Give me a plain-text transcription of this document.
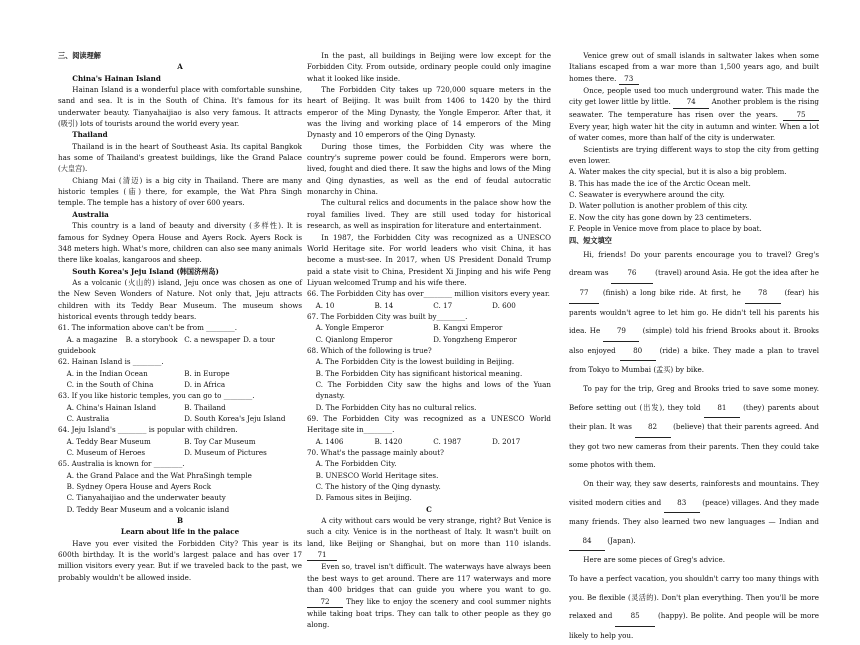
三、阅读理解

A

China's Hainan Island

Hainan Island is a wonderful place with comfortable sunshine, sand and sea. It is in the South of China. It's famous for its underwater beauty. Tianyahaijiao is also very famous. It attracts (吸引) lots of tourists around the world every year.

Thailand

Thailand is in the heart of Southeast Asia. Its capital Bangkok has some of Thailand's greatest buildings, like the Grand Palace (大皇宫).

Chiang Mai (清迈) is a big city in Thailand. There are many historic temples (庙) there, for example, the Wat Phra Singh temple. The temple has a history of over 600 years.

Australia

This country is a land of beauty and diversity (多样性). It is famous for Sydney Opera House and Ayers Rock. Ayers Rock is 348 meters high. What's more, children can also see many animals there like koalas, kangaroos and sheep.

South Korea's Jeju Island (韩国济州岛)

As a volcanic (火山的) island, Jeju once was chosen as one of the New Seven Wonders of Nature. Not only that, Jeju attracts children with its Teddy Bear Museum. The museum shows historical events through teddy bears.

61. The information above can't be from ________.

A. a magazine	B. a storybook C. a newspaper D. a tour

guidebook

62. Hainan Island is ________.

A. in the Indian Ocean	B. in Europe

C. in the South of China	D. in Africa

63. If you like historic temples, you can go to ________.

A. China's Hainan Island	B. Thailand

C. Australia	D. South Korea's Jeju Island

64. Jeju Island's ________ is popular with children.

A. Teddy Bear Museum	B. Toy Car Museum

C. Museum of Heroes	D. Museum of Pictures

65. Australia is known for ________.

A. the Grand Palace and the Wat PhraSingh temple

B. Sydney Opera House and Ayers Rock

C. Tianyahaijiao and the underwater beauty

D. Teddy Bear Museum and a volcanic island

B

Learn about life in the palace

Have you ever visited the Forbidden City? This year is its 600th birthday. It is the world's largest palace and has over 17 million visitors every year. But if we traveled back to the past, we probably wouldn't be allowed inside.

In the past, all buildings in Beijing were low except for the Forbidden City. From outside, ordinary people could only imagine what it looked like inside.

The Forbidden City takes up 720,000 square meters in the heart of Beijing. It was built from 1406 to 1420 by the third emperor of the Ming Dynasty, the Yongle Emperor. After that, it was the living and working place of 14 emperors of the Ming Dynasty and 10 emperors of the Qing Dynasty.

During those times, the Forbidden City was where the country's supreme power could be found. Emperors were born, lived, fought and died there. It saw the highs and lows of the Ming and Qing dynasties, as well as the end of feudal autocratic monarchy in China.

The cultural relics and documents in the palace show how the royal families lived. They are still used today for historical research, as well as inspiration for literature and entertainment.

In 1987, the Forbidden City was recognized as a UNESCO World Heritage site. For world leaders who visit China, it has become a must-see. In 2017, when US President Donald Trump paid a state visit to China, President Xi Jinping and his wife Peng Liyuan welcomed Trump and his wife there.

66. The Forbidden City has over________ million visitors every year.

A. 10	B. 14	C. 17	D. 600

67. The Forbidden City was built by________.

A. Yongle Emperor	B. Kangxi Emperor

C. Qianlong Emperor	D. Yongzheng Emperor

68. Which of the following is true?

A. The Forbidden City is the lowest building in Beijing.

B. The Forbidden City has significant historical meaning.

C. The Forbidden City saw the highs and lows of the Yuan dynasty.

D. The Forbidden City has no cultural relics.

69. The Forbidden City was recognized as a UNESCO World Heritage site in________.

A. 1406	B. 1420	C. 1987	D. 2017

70. What's the passage mainly about?

A. The Forbidden City.

B. UNESCO World Heritage sites.

C. The history of the Qing dynasty.

D. Famous sites in Beijing.

C

A city without cars would be very strange, right? But Venice is such a city. Venice is in the northeast of Italy. It wasn't built on land, like Beijing or Shanghai, but on more than 110 islands. 71

Even so, travel isn't difficult. The waterways have always been the best ways to get around. There are 117 waterways and more than 400 bridges that can guide you where you want to go. 72 They like to enjoy the scenery and cool summer nights while taking boat trips. They can talk to other people as they go along.

Venice grew out of small islands in saltwater lakes when some Italians escaped from a war more than 1,500 years ago, and built homes there. 73

Once, people used too much underground water. This made the city get lower little by little. 74 Another problem is the rising seawater. The temperature has risen over the years.	75 Every year, high water hit the city in autumn and winter. When a lot of water comes, more than half of the city is underwater.

Scientists are trying different ways to stop the city from getting even lower.

A. Water makes the city special, but it is also a big problem.

B. This has made the ice of the Arctic Ocean melt.

C. Seawater is everywhere around the city.

D. Water pollution is another problem of this city.

E. Now the city has gone down by 23 centimeters.

F. People in Venice move from place to place by boat.

四、短文填空

Hi, friends! Do your parents encourage you to travel? Greg's dream was	76	(travel) around Asia. He got the idea after he 77 (finish) a long bike ride. At first, he 78 (fear) his parents wouldn't agree to let him go. He didn't tell his parents his idea. He 79 (simple) told his friend Brooks about it. Brooks also enjoyed 80 (ride) a bike. They made a plan to travel from Tokyo to Mumbai (孟买) by bike.

To pay for the trip, Greg and Brooks tried to save some money. Before setting out (出发), they told 81 (they) parents about their plan. It was 82 (believe) that their parents agreed. And they got two new cameras from their parents. Then they could take some photos with them.

On their way, they saw deserts, rainforests and mountains. They visited modern cities and 83 (peace) villages. And they made many friends. They also learned two new languages — Indian and 84 (Japan).

Here are some pieces of Greg's advice.

To have a perfect vacation, you shouldn't carry too many things with you. Be flexible (灵活的). Don't plan everything. Then you'll be more relaxed and	85	(happy). Be polite. And people will be more likely to help you.
